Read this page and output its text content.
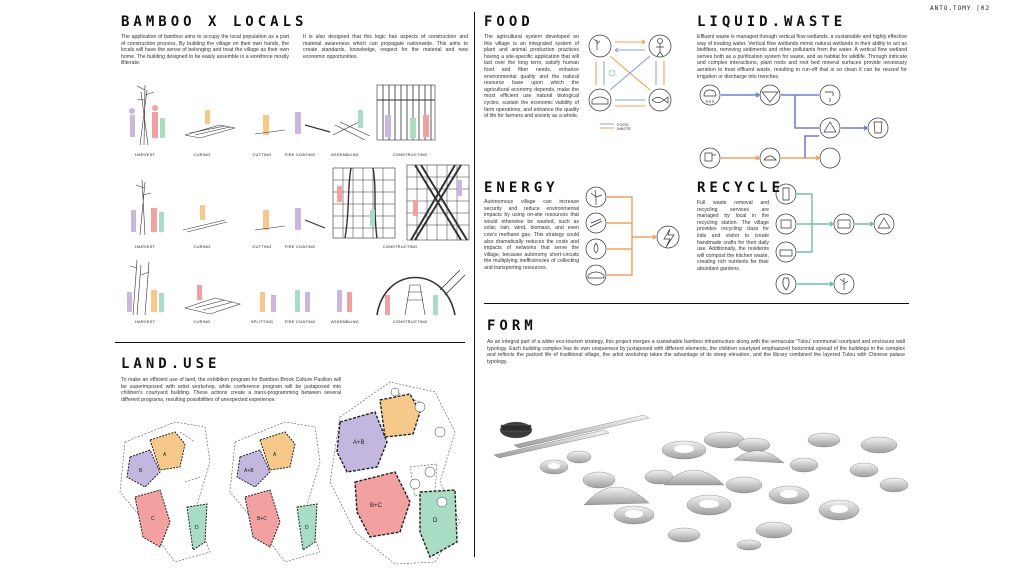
ANTO.TOMY |02
BAMBOO X LOCALS
The application of bamboo aims to occupy the local population as a part of construction process. By building the village on their own hands, the locals will have the sense of belonging and treat the village as their own home. The building designed to be easily assemble in a workforce mostly illiterate.
It is also designed that this logic has aspects of construction and material awareness which can propagate nationwide. This aims to create standards, knowledge, respect for the material and new economic opportunities.
HARVEST	CURING	CUTTING	FIRE COATING	ASSEMBLING	CONSTRUCTING
HARVEST	CURING	CUTTING	FIRE COATING	CONSTRUCTING
HARVEST	CURING	SPLITTING	FIRE COATING	ASSEMBLING	CONSTRUCTING
LAND.USE
To make an efficient use of land, the exhibition program for Bamboo Brook Culture Pavilion will be superimposed with artist workshop, while conference program will be juxtaposed into children's courtyard building. These actions create a trans-programming between several different programs, resulting possibilities of unexpected experience.
A
B
C
D
A
A+B
B+C
D
A+B
B+C
D
FOOD
The agricultural system developed on this village is an integrated system of plant and animal production practices having a site-specific application that will last over the long term, satisfy human food and fiber needs, enhance environmental quality and the natural resource base upon which the agricultural economy depends, make the most efficient use natural biological cycles, sustain the economic viability of farm operations, and enhance the quality of life for farmers and society as a whole.
FOOD
WASTE
LIQUID.WASTE
Effluent waste is managed through vertical flow wetlands, a sustainable and highly effective way of treating water. Vertical flow wetlands mimic natural wetlands in their ability to act as biofilters, removing sediments and other pollutants from the water. A vertical flow wetland serves both as a purification system for waste, and as habitat for wildlife. Through intricate and complex interactions, plant roots and root bed mineral surfaces provide necessary aeration to treat effluent waste, resulting in run-off that is so clean it can be reused for irrigation or discharge into trenches.
ENERGY
Autonomous village can increase security and reduce environmental impacts by using on-site resources that would otherwise be wasted, such as solar, rain, wind, biomass, and even cow's methane gas. This strategy could also dramatically reduces the costs and impacts of networks that serve the village, because autonomy short-circuits the multiplying inefficiencies of collecting and transporting resources.
RECYCLE
Full waste removal and recycling services are managed by local in the recycling station. The village provides recycling class for kids and visitor to create handmade crafts for their daily use. Additionally, the residents will compost the kitchen waste, creating rich nutrients for their abundant gardens.
FORM
As an integral part of a wider eco-tourism strategy, this project merges a sustainable bamboo infrastructure along with the vernacular 'Tulou' communal courtyard and enclosure wall typology. Each building complex has its own uniqueness by juxtaposed with different elements, the children courtyard emphasized horizontal spread of the buildings in the complex and reflects the packed life of traditional village, the artist workshop takes the advantage of its steep elevation, and the library combined the layered Tulou with Chinese palace typology.
